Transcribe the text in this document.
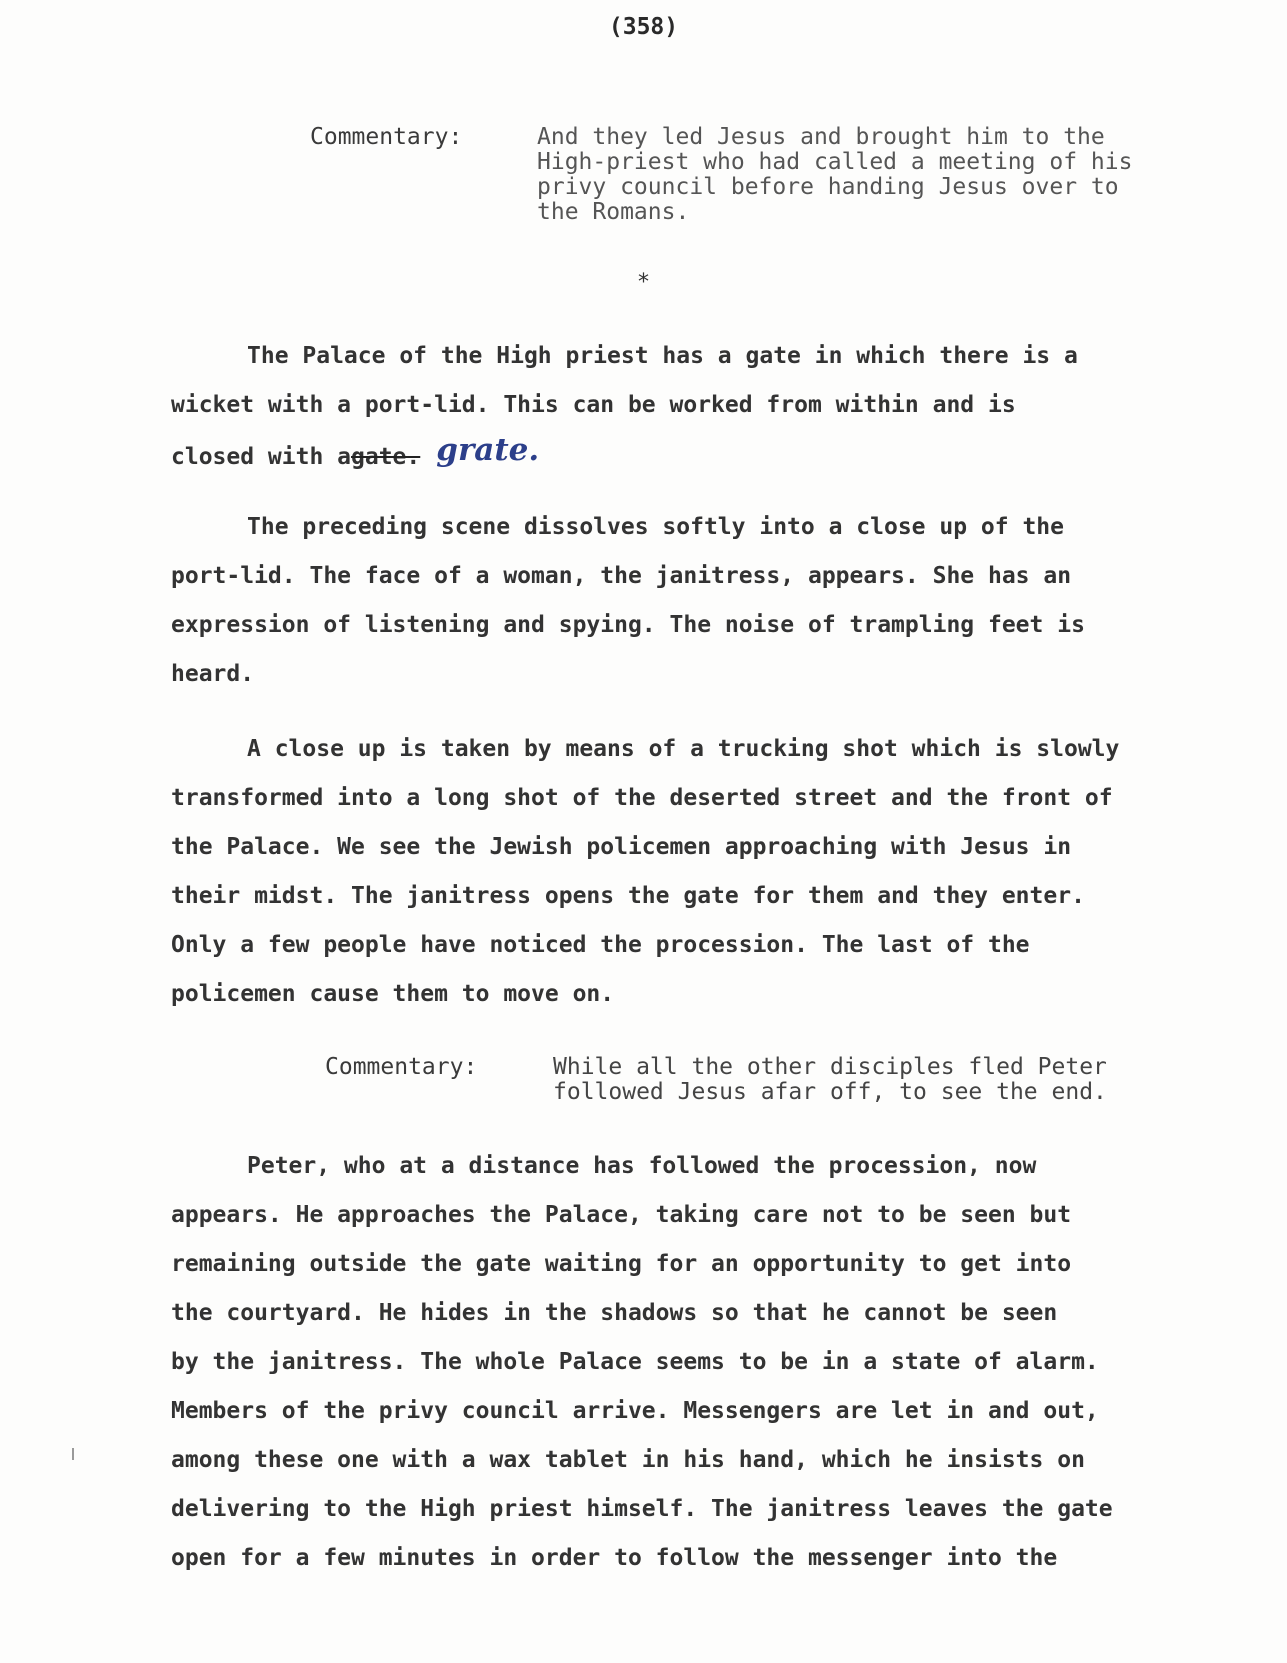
(358)
Commentary:	And they led Jesus and brought him to the
High-priest who had called a meeting of his
privy council before handing Jesus over to
the Romans.
*
The Palace of the High priest has a gate in which there is a
wicket with a port-lid. This can be worked from within and is
closed with agate. grate.
The preceding scene dissolves softly into a close up of the
port-lid. The face of a woman, the janitress, appears. She has an
expression of listening and spying. The noise of trampling feet is
heard.
A close up is taken by means of a trucking shot which is slowly
transformed into a long shot of the deserted street and the front of
the Palace. We see the Jewish policemen approaching with Jesus in
their midst. The janitress opens the gate for them and they enter.
Only a few people have noticed the procession. The last of the
policemen cause them to move on.
Commentary:	While all the other disciples fled Peter
followed Jesus afar off, to see the end.
Peter, who at a distance has followed the procession, now
appears. He approaches the Palace, taking care not to be seen but
remaining outside the gate waiting for an opportunity to get into
the courtyard. He hides in the shadows so that he cannot be seen
by the janitress. The whole Palace seems to be in a state of alarm.
Members of the privy council arrive. Messengers are let in and out,
among these one with a wax tablet in his hand, which he insists on
delivering to the High priest himself. The janitress leaves the gate
open for a few minutes in order to follow the messenger into the
